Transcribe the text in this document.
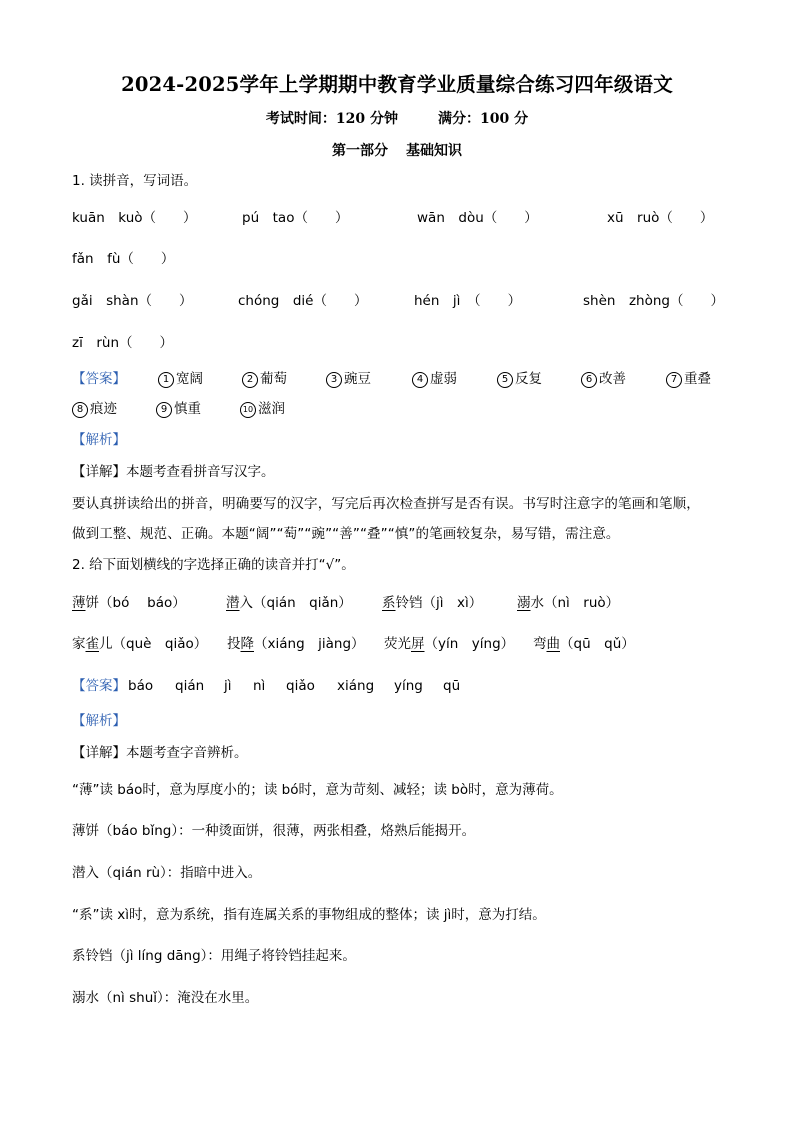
2024-2025学年上学期期中教育学业质量综合练习四年级语文
考试时间：120 分钟	满分：100 分
第一部分 基础知识
1. 读拼音，写词语。
kuān　kuò（　　）	pú　tao（　　）	wān　dòu（　　）	xū　ruò（　　）
fǎn　fù（　　）
gǎi　shàn（　　）	chóng　dié（　　）	hén　jì　（　　）	shèn　zhòng（　　）
zī　rùn（　　）
【答案】	1 宽阔	2 葡萄	3 豌豆	4 虚弱	5 反复	6 改善	7 重叠
8 痕迹	9 慎重	10 滋润
【解析】
【详解】本题考查看拼音写汉字。
要认真拼读给出的拼音，明确要写的汉字，写完后再次检查拼写是否有误。书写时注意字的笔画和笔顺，
做到工整、规范、正确。本题“阔”“萄”“豌”“善”“叠”“慎”的笔画较复杂，易写错，需注意。
2. 给下面划横线的字选择正确的读音并打“√”。
薄饼（bó　 báo）	潜入（qián　qiǎn） 系铃铛（jì　xì）	溺水（nì　ruò）
家雀儿（què　qiǎo） 投降（xiáng　jiàng） 荧光屏（yín　yíng） 弯曲（qū　qǔ）
【答案】 báo qián jì nì qiǎo xiáng yíng qū
【解析】
【详解】本题考查字音辨析。
“薄”读 báo时，意为厚度小的；读 bó时，意为苛刻、减轻；读 bò时，意为薄荷。
薄饼（báo bǐng）：一种烫面饼，很薄，两张相叠，烙熟后能揭开。
潜入（qián rù）：指暗中进入。
“系”读 xì时，意为系统，指有连属关系的事物组成的整体；读 jì时，意为打结。
系铃铛（jì líng dāng）：用绳子将铃铛挂起来。
溺水（nì shuǐ）：淹没在水里。
